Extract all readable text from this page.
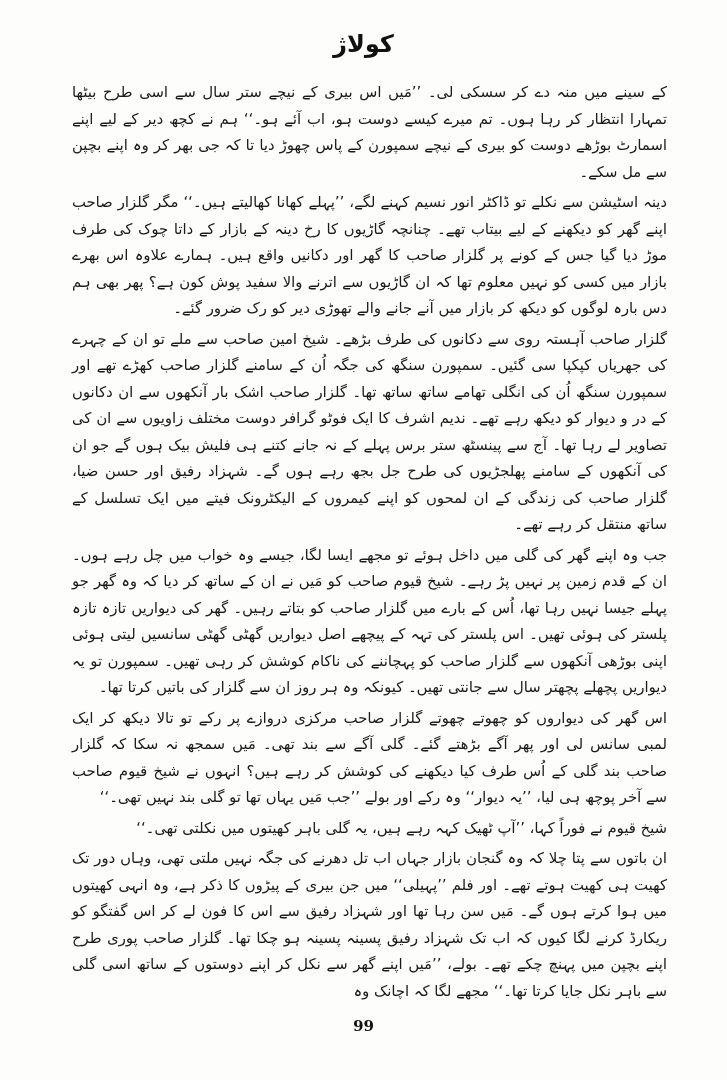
کولاژ

کے سینے میں منہ دے کر سسکی لی۔ ’’مَیں اس بیری کے نیچے ستر سال سے اسی طرح بیٹھا تمہارا انتظار کر رہا ہوں۔ تم میرے کیسے دوست ہو، اب آئے ہو۔‘‘ ہم نے کچھ دیر کے لیے اپنے اسمارٹ بوڑھے دوست کو بیری کے نیچے سمپورن کے پاس چھوڑ دیا تا کہ جی بھر کر وہ اپنے بچپن سے مل سکے۔

دینہ اسٹیشن سے نکلے تو ڈاکٹر انور نسیم کہنے لگے، ’’پہلے کھانا کھالیتے ہیں۔‘‘ مگر گلزار صاحب اپنے گھر کو دیکھنے کے لیے بیتاب تھے۔ چنانچہ گاڑیوں کا رخ دینہ کے بازار کے داتا چوک کی طرف موڑ دیا گیا جس کے کونے پر گلزار صاحب کا گھر اور دکانیں واقع ہیں۔ ہمارے علاوہ اس بھرے بازار میں کسی کو نہیں معلوم تھا کہ ان گاڑیوں سے اترنے والا سفید پوش کون ہے؟ پھر بھی ہم دس بارہ لوگوں کو دیکھ کر بازار میں آنے جانے والے تھوڑی دیر کو رک ضرور گئے۔

گلزار صاحب آہستہ روی سے دکانوں کی طرف بڑھے۔ شیخ امین صاحب سے ملے تو ان کے چہرے کی جھریاں کپکپا سی گئیں۔ سمپورن سنگھ کی جگہ اُن کے سامنے گلزار صاحب کھڑے تھے اور سمپورن سنگھ اُن کی انگلی تھامے ساتھ ساتھ تھا۔ گلزار صاحب اشک بار آنکھوں سے ان دکانوں کے در و دیوار کو دیکھ رہے تھے۔ ندیم اشرف کا ایک فوٹو گرافر دوست مختلف زاویوں سے ان کی تصاویر لے رہا تھا۔ آج سے پینسٹھ ستر برس پہلے کے نہ جانے کتنے ہی فلیش بیک ہوں گے جو ان کی آنکھوں کے سامنے پھلجڑیوں کی طرح جل بجھ رہے ہوں گے۔ شہزاد رفیق اور حسن ضیا، گلزار صاحب کی زندگی کے ان لمحوں کو اپنے کیمروں کے الیکٹرونک فیتے میں ایک تسلسل کے ساتھ منتقل کر رہے تھے۔

جب وہ اپنے گھر کی گلی میں داخل ہوئے تو مجھے ایسا لگا، جیسے وہ خواب میں چل رہے ہوں۔ ان کے قدم زمین پر نہیں پڑ رہے۔ شیخ قیوم صاحب کو مَیں نے ان کے ساتھ کر دیا کہ وہ گھر جو پہلے جیسا نہیں رہا تھا، اُس کے بارے میں گلزار صاحب کو بتاتے رہیں۔ گھر کی دیواریں تازہ تازہ پلستر کی ہوئی تھیں۔ اس پلستر کی تہہ کے پیچھے اصل دیواریں گھٹی گھٹی سانسیں لیتی ہوئی اپنی بوڑھی آنکھوں سے گلزار صاحب کو پہچاننے کی ناکام کوشش کر رہی تھیں۔ سمپورن تو یہ دیواریں پچھلے پچھتر سال سے جانتی تھیں۔ کیونکہ وہ ہر روز ان سے گلزار کی باتیں کرتا تھا۔

اس گھر کی دیواروں کو چھوتے چھوتے گلزار صاحب مرکزی دروازے پر رکے تو تالا دیکھ کر ایک لمبی سانس لی اور پھر آگے بڑھتے گئے۔ گلی آگے سے بند تھی۔ مَیں سمجھ نہ سکا کہ گلزار صاحب بند گلی کے اُس طرف کیا دیکھنے کی کوشش کر رہے ہیں؟ انہوں نے شیخ قیوم صاحب سے آخر پوچھ ہی لیا، ’’یہ دیوار‘‘ وہ رکے اور بولے ’’جب مَیں یہاں تھا تو گلی بند نہیں تھی۔‘‘

شیخ قیوم نے فوراً کہا، ’’آپ ٹھیک کہہ رہے ہیں، یہ گلی باہر کھیتوں میں نکلتی تھی۔‘‘

ان باتوں سے پتا چلا کہ وہ گنجان بازار جہاں اب تل دھرنے کی جگہ نہیں ملتی تھی، وہاں دور تک کھیت ہی کھیت ہوتے تھے۔ اور فلم ’’پہیلی‘‘ میں جن بیری کے پیڑوں کا ذکر ہے، وہ انہی کھیتوں میں ہوا کرتے ہوں گے۔ مَیں سن رہا تھا اور شہزاد رفیق سے اس کا فون لے کر اس گفتگو کو ریکارڈ کرنے لگا کیوں کہ اب تک شہزاد رفیق پسینہ پسینہ ہو چکا تھا۔ گلزار صاحب پوری طرح اپنے بچپن میں پہنچ چکے تھے۔ بولے، ’’مَیں اپنے گھر سے نکل کر اپنے دوستوں کے ساتھ اسی گلی سے باہر نکل جایا کرتا تھا۔‘‘ مجھے لگا کہ اچانک وہ

99
